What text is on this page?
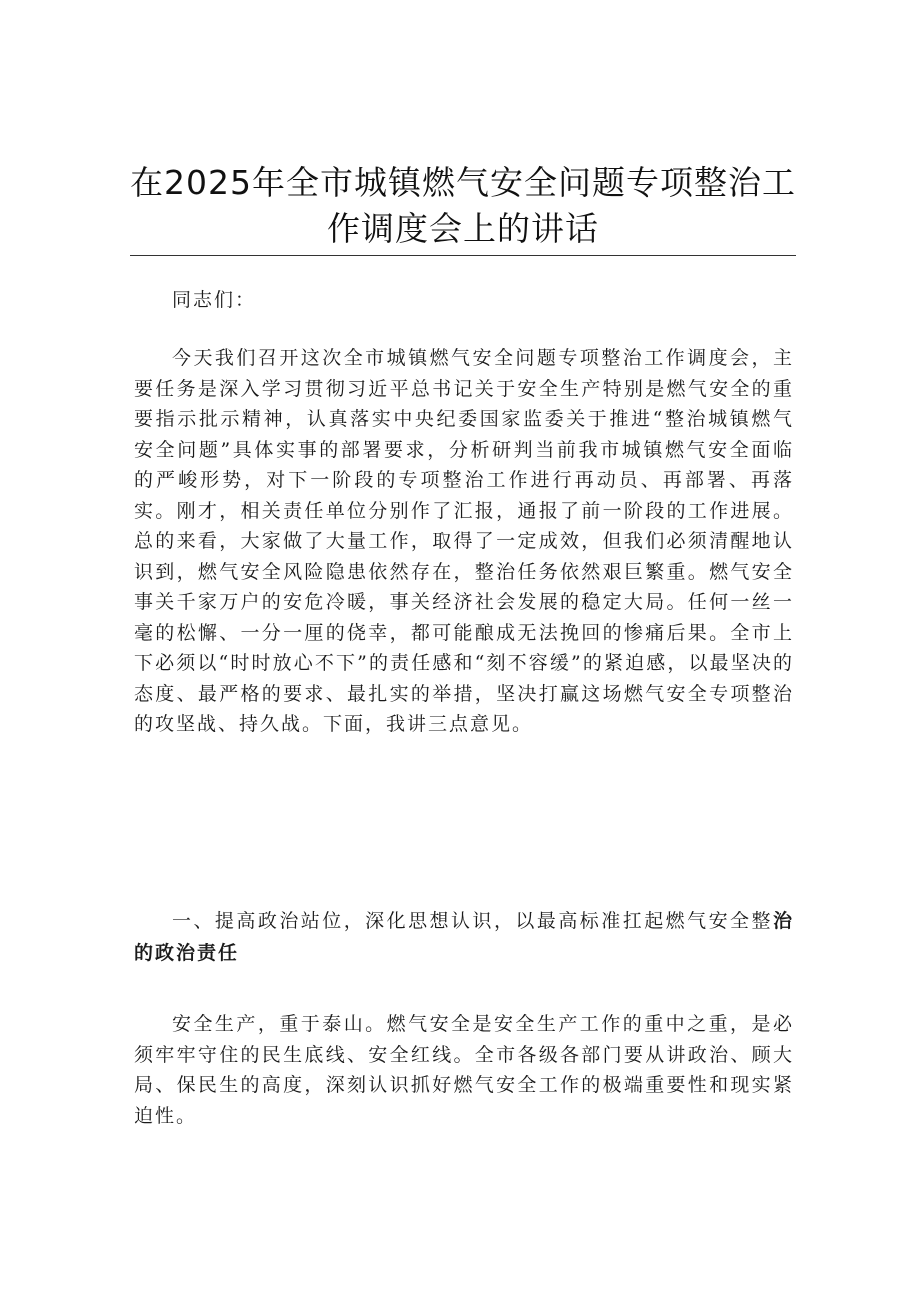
在2025年全市城镇燃气安全问题专项整治工
作调度会上的讲话

同志们：

今天我们召开这次全市城镇燃气安全问题专项整治工作调度会，主要任务是深入学习贯彻习近平总书记关于安全生产特别是燃气安全的重要指示批示精神，认真落实中央纪委国家监委关于推进“整治城镇燃气安全问题”具体实事的部署要求，分析研判当前我市城镇燃气安全面临的严峻形势，对下一阶段的专项整治工作进行再动员、再部署、再落实。刚才，相关责任单位分别作了汇报，通报了前一阶段的工作进展。总的来看，大家做了大量工作，取得了一定成效，但我们必须清醒地认识到，燃气安全风险隐患依然存在，整治任务依然艰巨繁重。燃气安全事关千家万户的安危冷暖，事关经济社会发展的稳定大局。任何一丝一毫的松懈、一分一厘的侥幸，都可能酿成无法挽回的惨痛后果。全市上下必须以“时时放心不下”的责任感和“刻不容缓”的紧迫感，以最坚决的态度、最严格的要求、最扎实的举措，坚决打赢这场燃气安全专项整治的攻坚战、持久战。下面，我讲三点意见。

一、提高政治站位，深化思想认识，以最高标准扛起燃气安全整治的政治责任

安全生产，重于泰山。燃气安全是安全生产工作的重中之重，是必须牢牢守住的民生底线、安全红线。全市各级各部门要从讲政治、顾大局、保民生的高度，深刻认识抓好燃气安全工作的极端重要性和现实紧迫性。
